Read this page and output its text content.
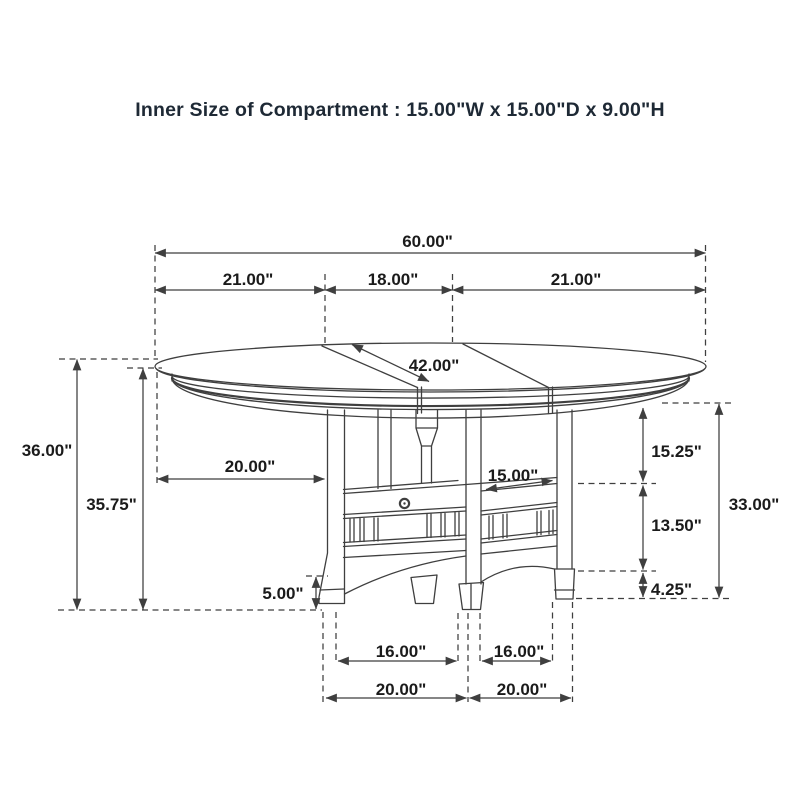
Inner Size of Compartment : 15.00"W x 15.00"D x 9.00"H
60.00"
21.00"	18.00"	21.00"
42.00"
36.00"
35.75"
20.00"	15.00"
15.25"
13.50"
4.25"
33.00"
5.00"
16.00"	16.00"
20.00"	20.00"
